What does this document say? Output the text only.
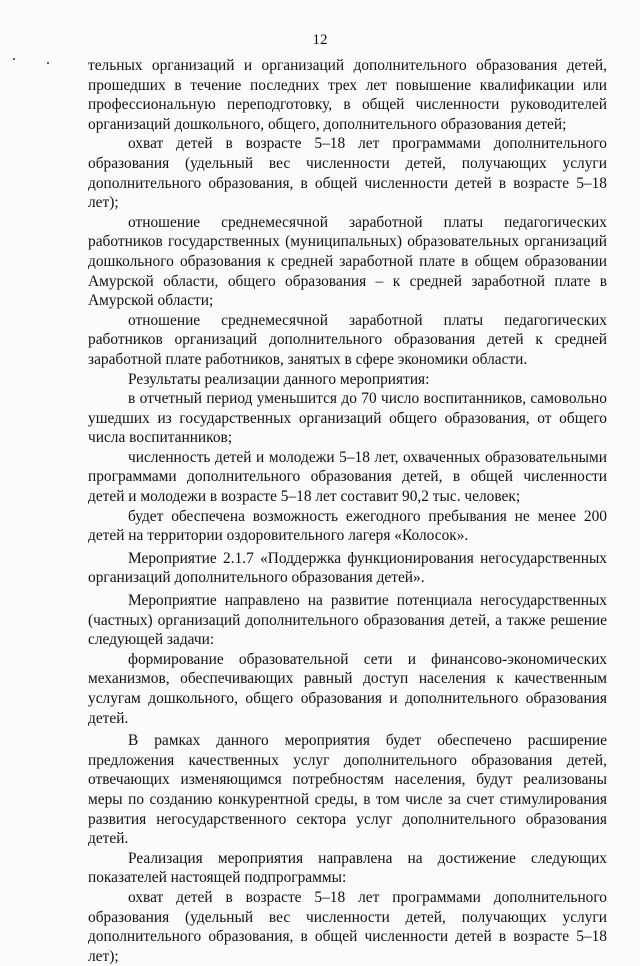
12

тельных организаций и организаций дополнительного образования детей, прошедших в течение последних трех лет повышение квалификации или профессиональную переподготовку, в общей численности руководителей организаций дошкольного, общего, дополнительного образования детей;

охват детей в возрасте 5–18 лет программами дополнительного образования (удельный вес численности детей, получающих услуги дополнительного образования, в общей численности детей в возрасте 5–18 лет);

отношение среднемесячной заработной платы педагогических работников государственных (муниципальных) образовательных организаций дошкольного образования к средней заработной плате в общем образовании Амурской области, общего образования – к средней заработной плате в Амурской области;

отношение среднемесячной заработной платы педагогических работников организаций дополнительного образования детей к средней заработной плате работников, занятых в сфере экономики области.

Результаты реализации данного мероприятия:

в отчетный период уменьшится до 70 число воспитанников, самовольно ушедших из государственных организаций общего образования, от общего числа воспитанников;

численность детей и молодежи 5–18 лет, охваченных образовательными программами дополнительного образования детей, в общей численности детей и молодежи в возрасте 5–18 лет составит 90,2 тыс. человек;

будет обеспечена возможность ежегодного пребывания не менее 200 детей на территории оздоровительного лагеря «Колосок».

Мероприятие 2.1.7 «Поддержка функционирования негосударственных организаций дополнительного образования детей».

Мероприятие направлено на развитие потенциала негосударственных (частных) организаций дополнительного образования детей, а также решение следующей задачи:

формирование образовательной сети и финансово-экономических механизмов, обеспечивающих равный доступ населения к качественным услугам дошкольного, общего образования и дополнительного образования детей.

В рамках данного мероприятия будет обеспечено расширение предложения качественных услуг дополнительного образования детей, отвечающих изменяющимся потребностям населения, будут реализованы меры по созданию конкурентной среды, в том числе за счет стимулирования развития негосударственного сектора услуг дополнительного образования детей.

Реализация мероприятия направлена на достижение следующих показателей настоящей подпрограммы:

охват детей в возрасте 5–18 лет программами дополнительного образования (удельный вес численности детей, получающих услуги дополнительного образования, в общей численности детей в возрасте 5–18 лет);
